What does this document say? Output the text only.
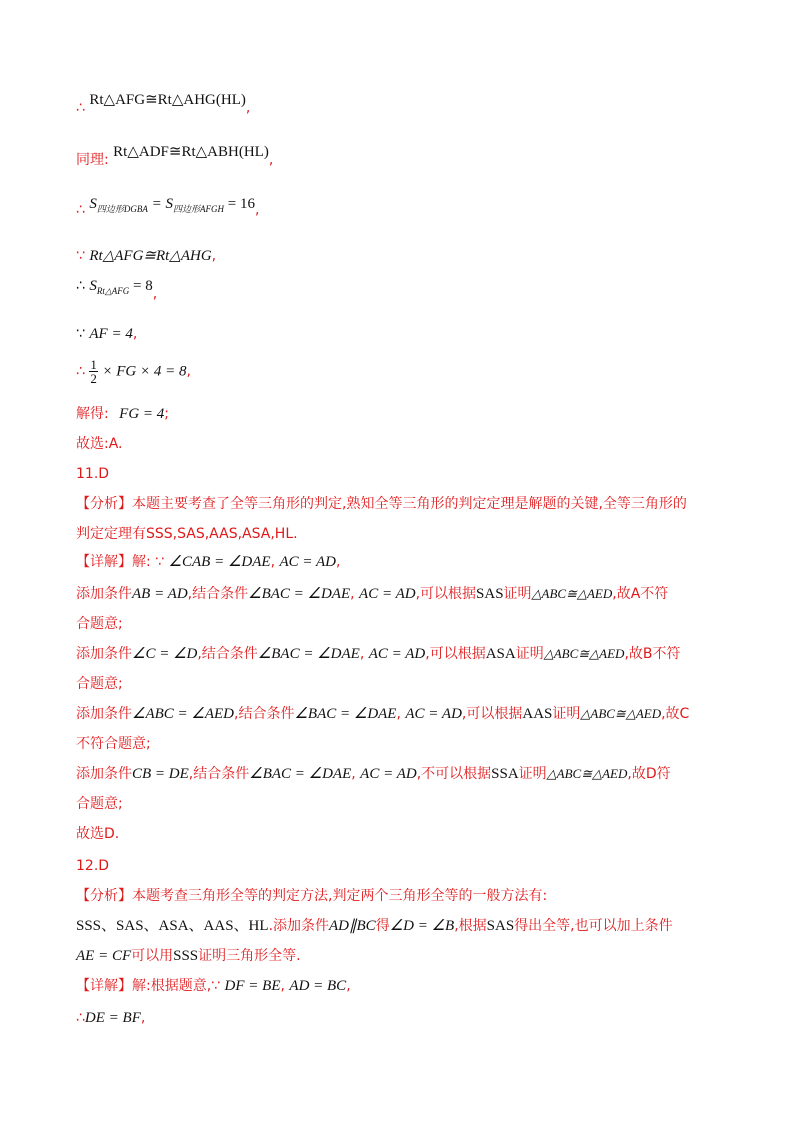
∴ Rt△AFG≅Rt△AHG(HL),
同理: Rt△ADF≅Rt△ABH(HL),
∴ $S_{四边形DGBA} = S_{四边形AFGH} = 16$,
∵ Rt△AFG≅Rt△AHG,
∴ $S_{Rt\triangle AFG} = 8$,
∵ AF = 4,
∴ $\frac{1}{2}$ × FG × 4 = 8,
解得: FG = 4;
故选:A.
11.D
【分析】本题主要考查了全等三角形的判定,熟知全等三角形的判定定理是解题的关键,全等三角形的
判定定理有SSS,SAS,AAS,ASA,HL.
【详解】解: ∵ ∠CAB = ∠DAE, AC = AD,
添加条件AB = AD,结合条件∠BAC = ∠DAE, AC = AD,可以根据SAS证明△ABC≅△AED,故A不符
合题意;
添加条件∠C = ∠D,结合条件∠BAC = ∠DAE, AC = AD,可以根据ASA证明△ABC≅△AED,故B不符
合题意;
添加条件∠ABC = ∠AED,结合条件∠BAC = ∠DAE, AC = AD,可以根据AAS证明△ABC≅△AED,故C
不符合题意;
添加条件CB = DE,结合条件∠BAC = ∠DAE, AC = AD,不可以根据SSA证明△ABC≅△AED,故D符
合题意;
故选D.
12.D
【分析】本题考查三角形全等的判定方法,判定两个三角形全等的一般方法有:
SSS、SAS、ASA、AAS、HL.添加条件AD∥BC得∠D = ∠B,根据SAS得出全等,也可以加上条件
AE = CF可以用SSS证明三角形全等.
【详解】解:根据题意,∵ DF = BE, AD = BC,
∴DE = BF,
